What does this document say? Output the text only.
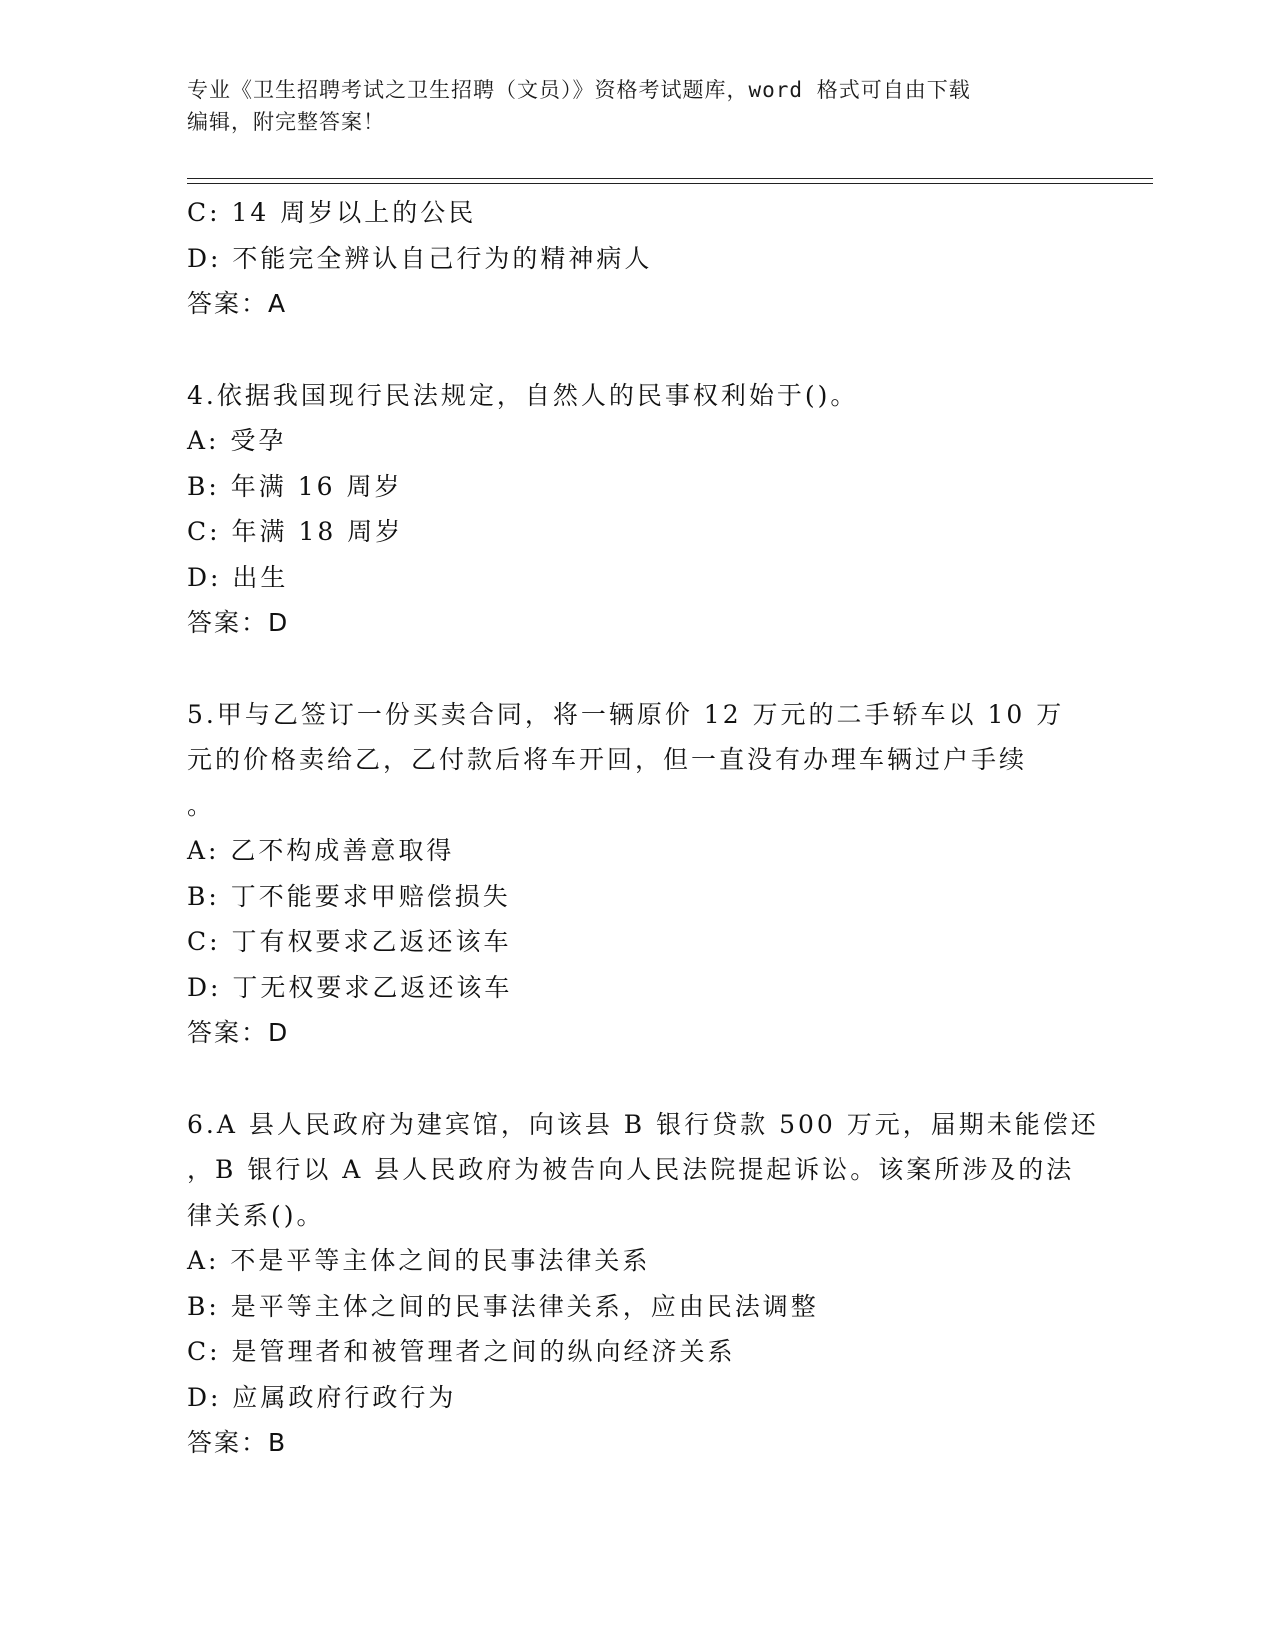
专业《卫生招聘考试之卫生招聘（文员）》资格考试题库，word 格式可自由下载
编辑，附完整答案！
C: 14 周岁以上的公民
D: 不能完全辨认自己行为的精神病人
答案：A
4.依据我国现行民法规定，自然人的民事权利始于()。
A: 受孕
B: 年满 16 周岁
C: 年满 18 周岁
D: 出生
答案：D
5.甲与乙签订一份买卖合同，将一辆原价 12 万元的二手轿车以 10 万
元的价格卖给乙，乙付款后将车开回，但一直没有办理车辆过户手续
。
A: 乙不构成善意取得
B: 丁不能要求甲赔偿损失
C: 丁有权要求乙返还该车
D: 丁无权要求乙返还该车
答案：D
6.A 县人民政府为建宾馆，向该县 B 银行贷款 500 万元，届期未能偿还
，B 银行以 A 县人民政府为被告向人民法院提起诉讼。该案所涉及的法
律关系()。
A: 不是平等主体之间的民事法律关系
B: 是平等主体之间的民事法律关系，应由民法调整
C: 是管理者和被管理者之间的纵向经济关系
D: 应属政府行政行为
答案：B
